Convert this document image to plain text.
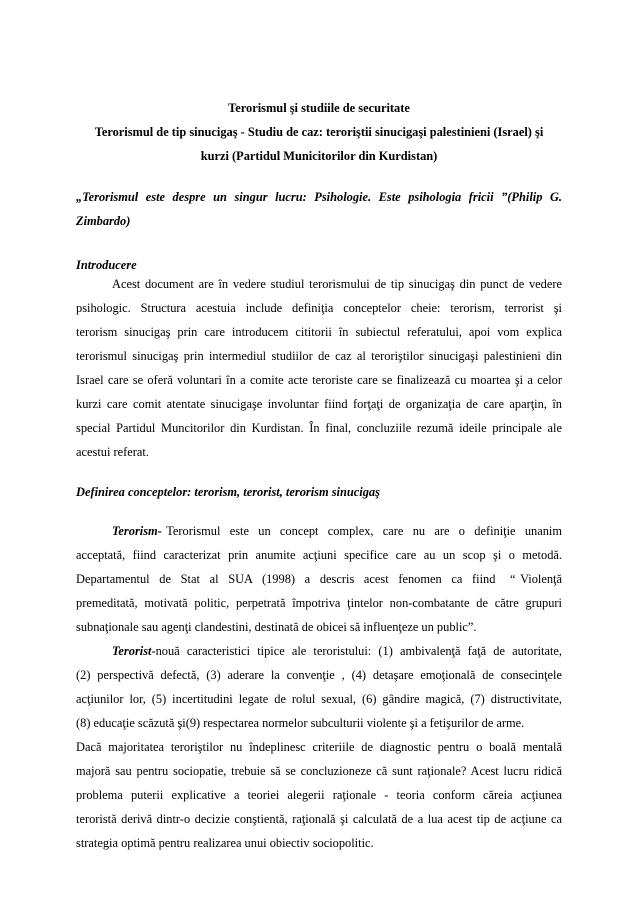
Terorismul şi studiile de securitate
Terorismul de tip sinucigaş - Studiu de caz: teroriştii sinucigaşi palestinieni (Israel) şi
kurzi (Partidul Municitorilor din Kurdistan)
„Terorismul este despre un singur lucru: Psihologie. Este psihologia fricii ”(Philip G.
Zimbardo)
Introducere
Acest document are în vedere studiul terorismului de tip sinucigaş din punct de vedere
psihologic. Structura acestuia include definiţia conceptelor cheie: terorism, terrorist şi
terorism sinucigaş prin care introducem cititorii în subiectul referatului, apoi vom explica
terorismul sinucigaş prin intermediul studiilor de caz al teroriştilor sinucigaşi palestinieni din
Israel care se oferă voluntari în a comite acte teroriste care se finalizează cu moartea şi a celor
kurzi care comit atentate sinucigaşe involuntar fiind forţaţi de organizaţia de care aparţin, în
special Partidul Muncitorilor din Kurdistan. În final, concluziile rezumă ideile principale ale
acestui referat.
Definirea conceptelor: terorism, terorist, terorism sinucigaş
Terorism- Terorismul  este  un  concept  complex,  care  nu  are  o  definiţie  unanim
acceptată, fiind caracterizat prin anumite acţiuni specifice care au un scop şi o metodă.
Departamentul  de  Stat  al  SUA  (1998)  a  descris  acest  fenomen  ca  fiind   “ Violenţă
premeditată, motivată politic, perpetrată împotriva ţintelor non-combatante de către grupuri
subnaţionale sau agenţi clandestini, destinată de obicei să influenţeze un public”.
Terorist -nouă caracteristici tipice ale teroristului: (1) ambivalenţă faţă de autoritate,
(2) perspectivă defectă, (3) aderare la convenţie , (4) detaşare emoţională de consecinţele
acţiunilor lor, (5) incertitudini legate de rolul sexual, (6) gândire magică, (7) distructivitate,
(8) educaţie scăzută şi(9) respectarea normelor subculturii violente şi a fetişurilor de arme.
Dacă majoritatea teroriştilor nu îndeplinesc criteriile de diagnostic pentru o boală mentală
majoră sau pentru sociopatie, trebuie să se concluzioneze că sunt raţionale? Acest lucru ridică
problema puterii explicative a teoriei alegerii raţionale - teoria conform căreia acţiunea
teroristă derivă dintr-o decizie conştientă, raţională şi calculată de a lua acest tip de acţiune ca
strategia optimă pentru realizarea unui obiectiv sociopolitic.
